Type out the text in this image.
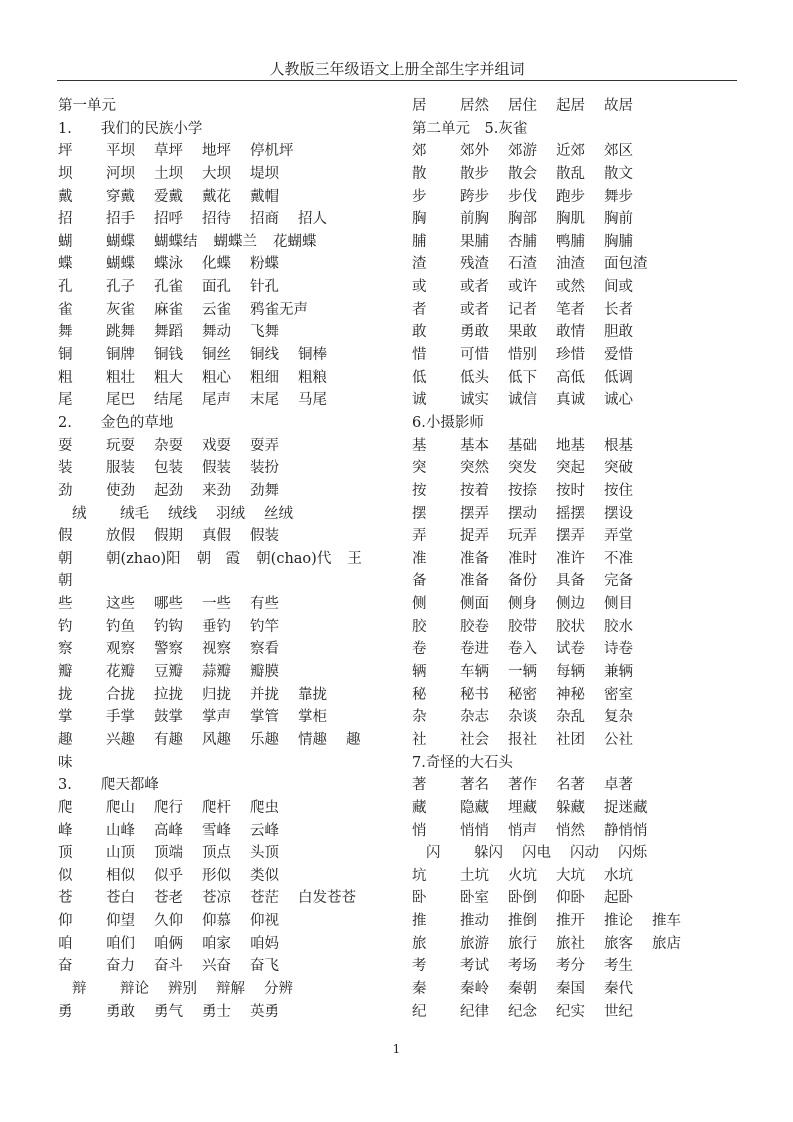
人教版三年级语文上册全部生字并组词
第一单元
1.　　我们的民族小学
坪	平坝 草坪 地坪 停机坪
坝	河坝 土坝 大坝 堤坝
戴	穿戴 爱戴 戴花 戴帽
招	招手 招呼 招待 招商 招人
蝴	蝴蝶 蝴蝶结 蝴蝶兰 花蝴蝶
蝶	蝴蝶 蝶泳 化蝶 粉蝶
孔	孔子 孔雀 面孔 针孔
雀	灰雀 麻雀 云雀 鸦雀无声
舞	跳舞 舞蹈 舞动 飞舞
铜	铜牌 铜钱 铜丝 铜线 铜棒
粗	粗壮 粗大 粗心 粗细 粗粮
尾	尾巴 结尾 尾声 末尾 马尾
2.　　金色的草地
耍	玩耍 杂耍 戏耍 耍弄
装	服装 包装 假装 装扮
劲	使劲 起劲 来劲 劲舞
绒	绒毛 绒线 羽绒 丝绒
假	放假 假期 真假 假装
朝	朝(zhao)阳 朝　霞 朝(chao)代 王
朝
些	这些 哪些 一些 有些
钓	钓鱼 钓钩 垂钓 钓竿
察	观察 警察 视察 察看
瓣	花瓣 豆瓣 蒜瓣 瓣膜
拢	合拢 拉拢 归拢 并拢 靠拢
掌	手掌 鼓掌 掌声 掌管 掌柜
趣	兴趣 有趣 风趣 乐趣 情趣 趣
味
3.　　爬天都峰
爬	爬山 爬行 爬杆 爬虫
峰	山峰 高峰 雪峰 云峰
顶	山顶 顶端 顶点 头顶
似	相似 似乎 形似 类似
苍	苍白 苍老 苍凉 苍茫 白发苍苍
仰	仰望 久仰 仰慕 仰视
咱	咱们 咱俩 咱家 咱妈
奋	奋力 奋斗 兴奋 奋飞
辩	辩论 辨别 辩解 分辨
勇	勇敢 勇气 勇士 英勇
居	居然 居住 起居 故居
第二单元　5.灰雀
郊	郊外 郊游 近郊 郊区
散	散步 散会 散乱 散文
步	跨步 步伐 跑步 舞步
胸	前胸 胸部 胸肌 胸前
脯	果脯 杏脯 鸭脯 胸脯
渣	残渣 石渣 油渣 面包渣
或	或者 或许 或然 间或
者	或者 记者 笔者 长者
敢	勇敢 果敢 敢情 胆敢
惜	可惜 惜别 珍惜 爱惜
低	低头 低下 高低 低调
诚	诚实 诚信 真诚 诚心
6.小摄影师
基	基本 基础 地基 根基
突	突然 突发 突起 突破
按	按着 按捺 按时 按住
摆	摆弄 摆动 摇摆 摆设
弄	捉弄 玩弄 摆弄 弄堂
准	准备 准时 准许 不准
备	准备 备份 具备 完备
侧	侧面 侧身 侧边 侧目
胶	胶卷 胶带 胶状 胶水
卷	卷进 卷入 试卷 诗卷
辆	车辆 一辆 每辆 兼辆
秘	秘书 秘密 神秘 密室
杂	杂志 杂谈 杂乱 复杂
社	社会 报社 社团 公社
7.奇怪的大石头
著	著名 著作 名著 卓著
藏	隐藏 埋藏 躲藏 捉迷藏
悄	悄悄 悄声 悄然 静悄悄
闪	躲闪 闪电 闪动 闪烁
坑	土坑 火坑 大坑 水坑
卧	卧室 卧倒 仰卧 起卧
推	推动 推倒 推开 推论 推车
旅	旅游 旅行 旅社 旅客 旅店
考	考试 考场 考分 考生
秦	秦岭 秦朝 秦国 秦代
纪	纪律 纪念 纪实 世纪
1
